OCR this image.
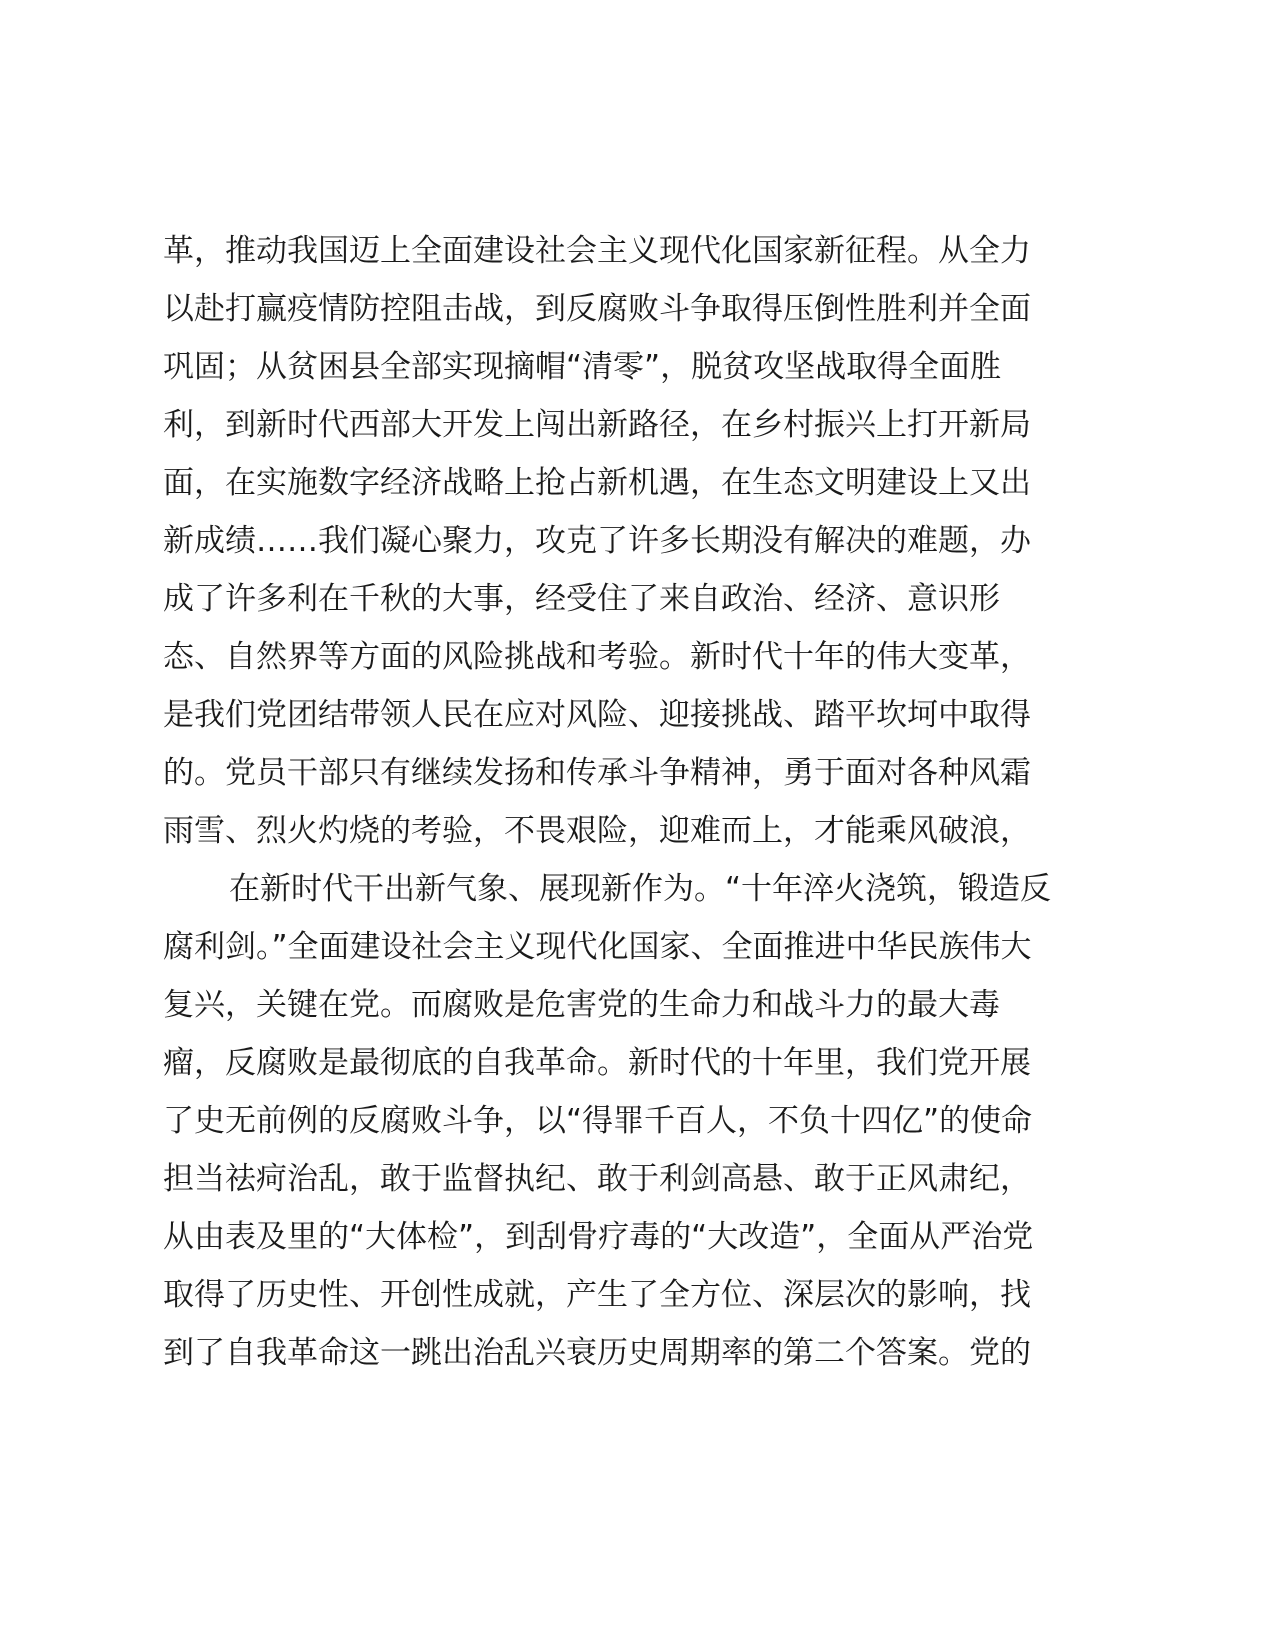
革，推动我国迈上全面建设社会主义现代化国家新征程。从全力
以赴打赢疫情防控阻击战，到反腐败斗争取得压倒性胜利并全面
巩固；从贫困县全部实现摘帽“清零”，脱贫攻坚战取得全面胜
利，到新时代西部大开发上闯出新路径，在乡村振兴上打开新局
面，在实施数字经济战略上抢占新机遇，在生态文明建设上又出
新成绩……我们凝心聚力，攻克了许多长期没有解决的难题，办
成了许多利在千秋的大事，经受住了来自政治、经济、意识形
态、自然界等方面的风险挑战和考验。新时代十年的伟大变革，
是我们党团结带领人民在应对风险、迎接挑战、踏平坎坷中取得
的。党员干部只有继续发扬和传承斗争精神，勇于面对各种风霜
雨雪、烈火灼烧的考验，不畏艰险，迎难而上，才能乘风破浪，
在新时代干出新气象、展现新作为。“十年淬火浇筑，锻造反
腐利剑。”全面建设社会主义现代化国家、全面推进中华民族伟大
复兴，关键在党。而腐败是危害党的生命力和战斗力的最大毒
瘤，反腐败是最彻底的自我革命。新时代的十年里，我们党开展
了史无前例的反腐败斗争，以“得罪千百人，不负十四亿”的使命
担当祛疴治乱，敢于监督执纪、敢于利剑高悬、敢于正风肃纪，
从由表及里的“大体检”，到刮骨疗毒的“大改造”，全面从严治党
取得了历史性、开创性成就，产生了全方位、深层次的影响，找
到了自我革命这一跳出治乱兴衰历史周期率的第二个答案。党的
